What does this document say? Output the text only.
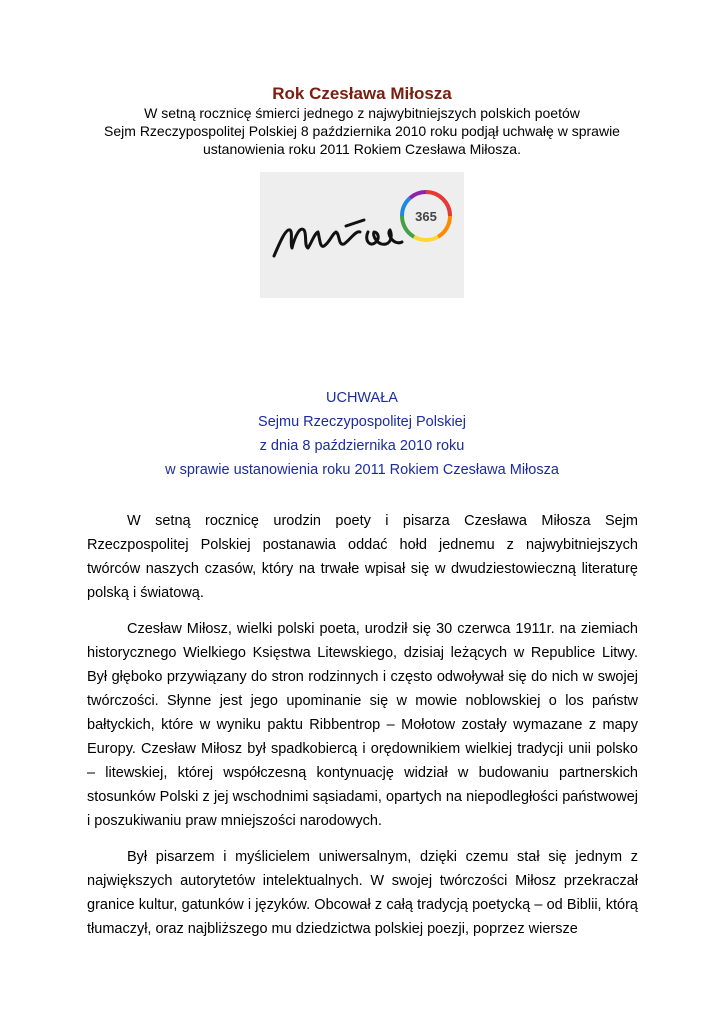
Rok Czesława Miłosza
W setną rocznicę śmierci jednego z najwybitniejszych polskich poetów
Sejm Rzeczypospolitej Polskiej 8 października 2010 roku podjął uchwałę w sprawie
ustanowienia roku 2011 Rokiem Czesława Miłosza.
365
UCHWAŁA
Sejmu Rzeczypospolitej Polskiej
z dnia 8 października 2010 roku
w sprawie ustanowienia roku 2011 Rokiem Czesława Miłosza

W setną rocznicę urodzin poety i pisarza Czesława Miłosza Sejm Rzeczpospolitej Polskiej postanawia oddać hołd jednemu z najwybitniejszych twórców naszych czasów, który na trwałe wpisał się w dwudziestowieczną literaturę polską i światową.

Czesław Miłosz, wielki polski poeta, urodził się 30 czerwca 1911r. na ziemiach historycznego Wielkiego Księstwa Litewskiego, dzisiaj leżących w Republice Litwy. Był głęboko przywiązany do stron rodzinnych i często odwoływał się do nich w swojej twórczości. Słynne jest jego upominanie się w mowie noblowskiej o los państw bałtyckich, które w wyniku paktu Ribbentrop – Mołotow zostały wymazane z mapy Europy. Czesław Miłosz był spadkobiercą i orędownikiem wielkiej tradycji unii polsko – litewskiej, której współczesną kontynuację widział w budowaniu partnerskich stosunków Polski z jej wschodnimi sąsiadami, opartych na niepodległości państwowej i poszukiwaniu praw mniejszości narodowych.

Był pisarzem i myślicielem uniwersalnym, dzięki czemu stał się jednym z największych autorytetów intelektualnych. W swojej twórczości Miłosz przekraczał granice kultur, gatunków i języków. Obcował z całą tradycją poetycką – od Biblii, którą tłumaczył, oraz najbliższego mu dziedzictwa polskiej poezji, poprzez wiersze
